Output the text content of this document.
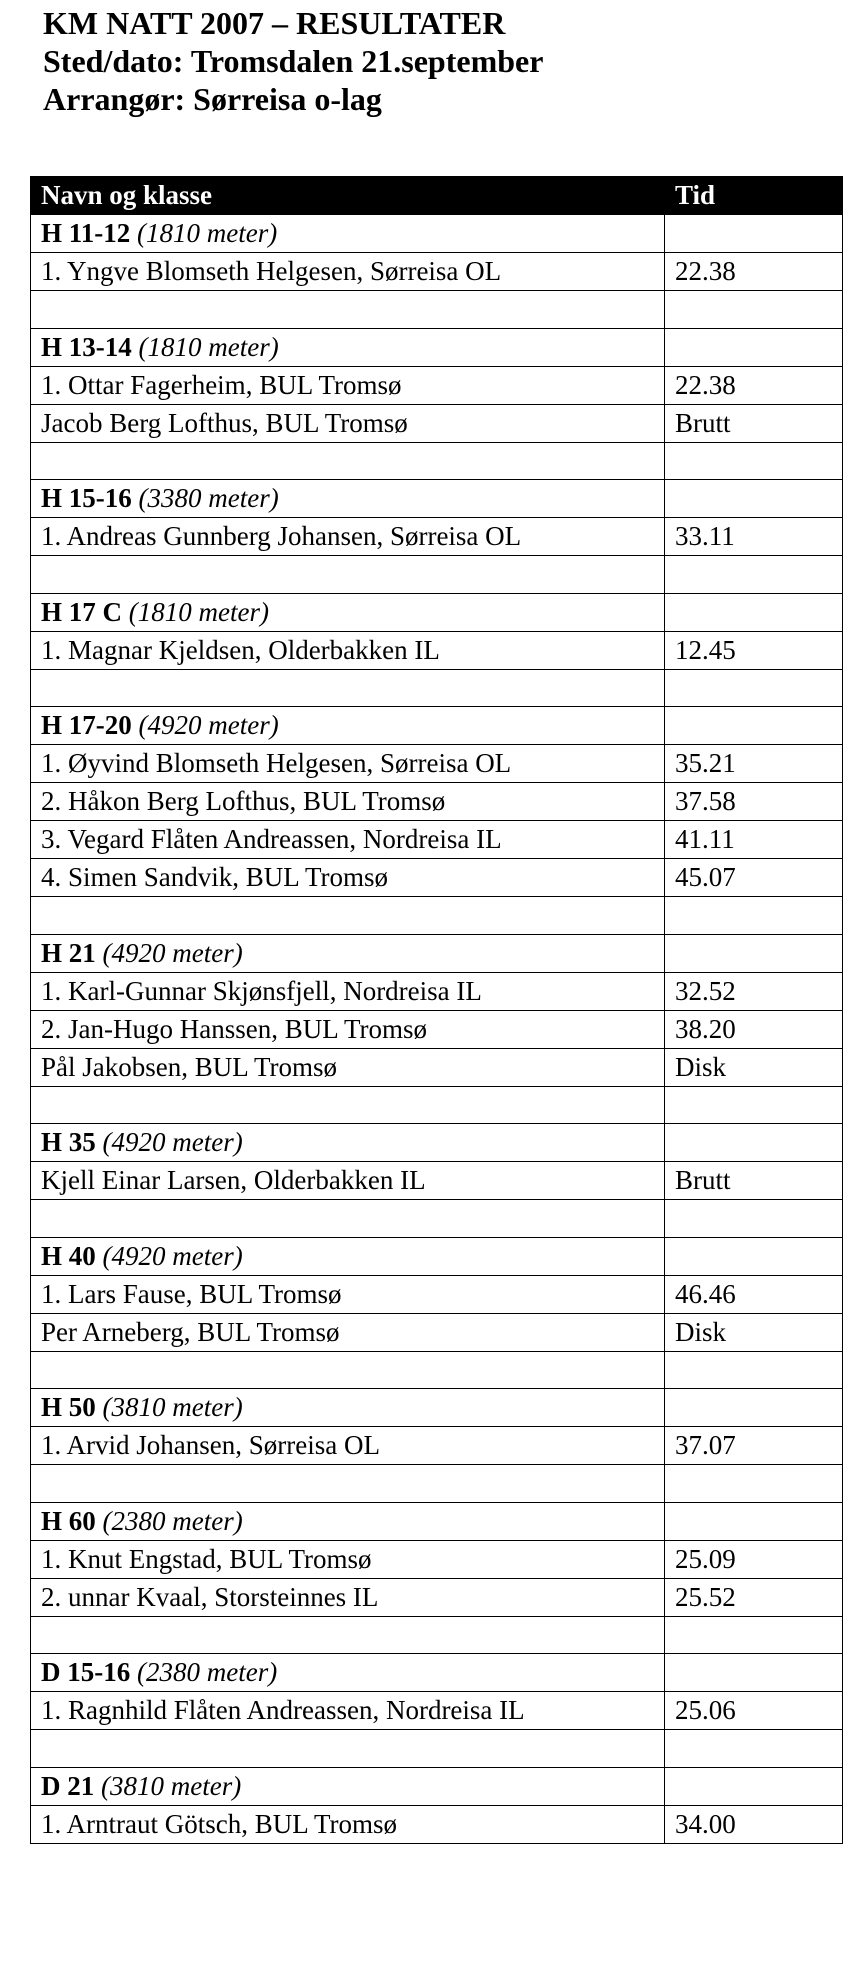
KM NATT 2007 – RESULTATER
Sted/dato: Tromsdalen 21.september
Arrangør: Sørreisa o-lag
Navn og klasse	Tid
H 11-12 (1810 meter)	
1. Yngve Blomseth Helgesen, Sørreisa OL	22.38

H 13-14 (1810 meter)	
1. Ottar Fagerheim, BUL Tromsø	22.38
Jacob Berg Lofthus, BUL Tromsø	Brutt

H 15-16 (3380 meter)	
1. Andreas Gunnberg Johansen, Sørreisa OL	33.11

H 17 C (1810 meter)	
1. Magnar Kjeldsen, Olderbakken IL	12.45

H 17-20 (4920 meter)	
1. Øyvind Blomseth Helgesen, Sørreisa OL	35.21
2. Håkon Berg Lofthus, BUL Tromsø	37.58
3. Vegard Flåten Andreassen, Nordreisa IL	41.11
4. Simen Sandvik, BUL Tromsø	45.07

H 21 (4920 meter)	
1. Karl-Gunnar Skjønsfjell, Nordreisa IL	32.52
2. Jan-Hugo Hanssen, BUL Tromsø	38.20
Pål Jakobsen, BUL Tromsø	Disk

H 35 (4920 meter)	
Kjell Einar Larsen, Olderbakken IL	Brutt

H 40 (4920 meter)	
1. Lars Fause, BUL Tromsø	46.46
Per Arneberg, BUL Tromsø	Disk

H 50 (3810 meter)	
1. Arvid Johansen, Sørreisa OL	37.07

H 60 (2380 meter)	
1. Knut Engstad, BUL Tromsø	25.09
2. unnar Kvaal, Storsteinnes IL	25.52

D 15-16 (2380 meter)	
1. Ragnhild Flåten Andreassen, Nordreisa IL	25.06

D 21 (3810 meter)	
1. Arntraut Götsch, BUL Tromsø	34.00
